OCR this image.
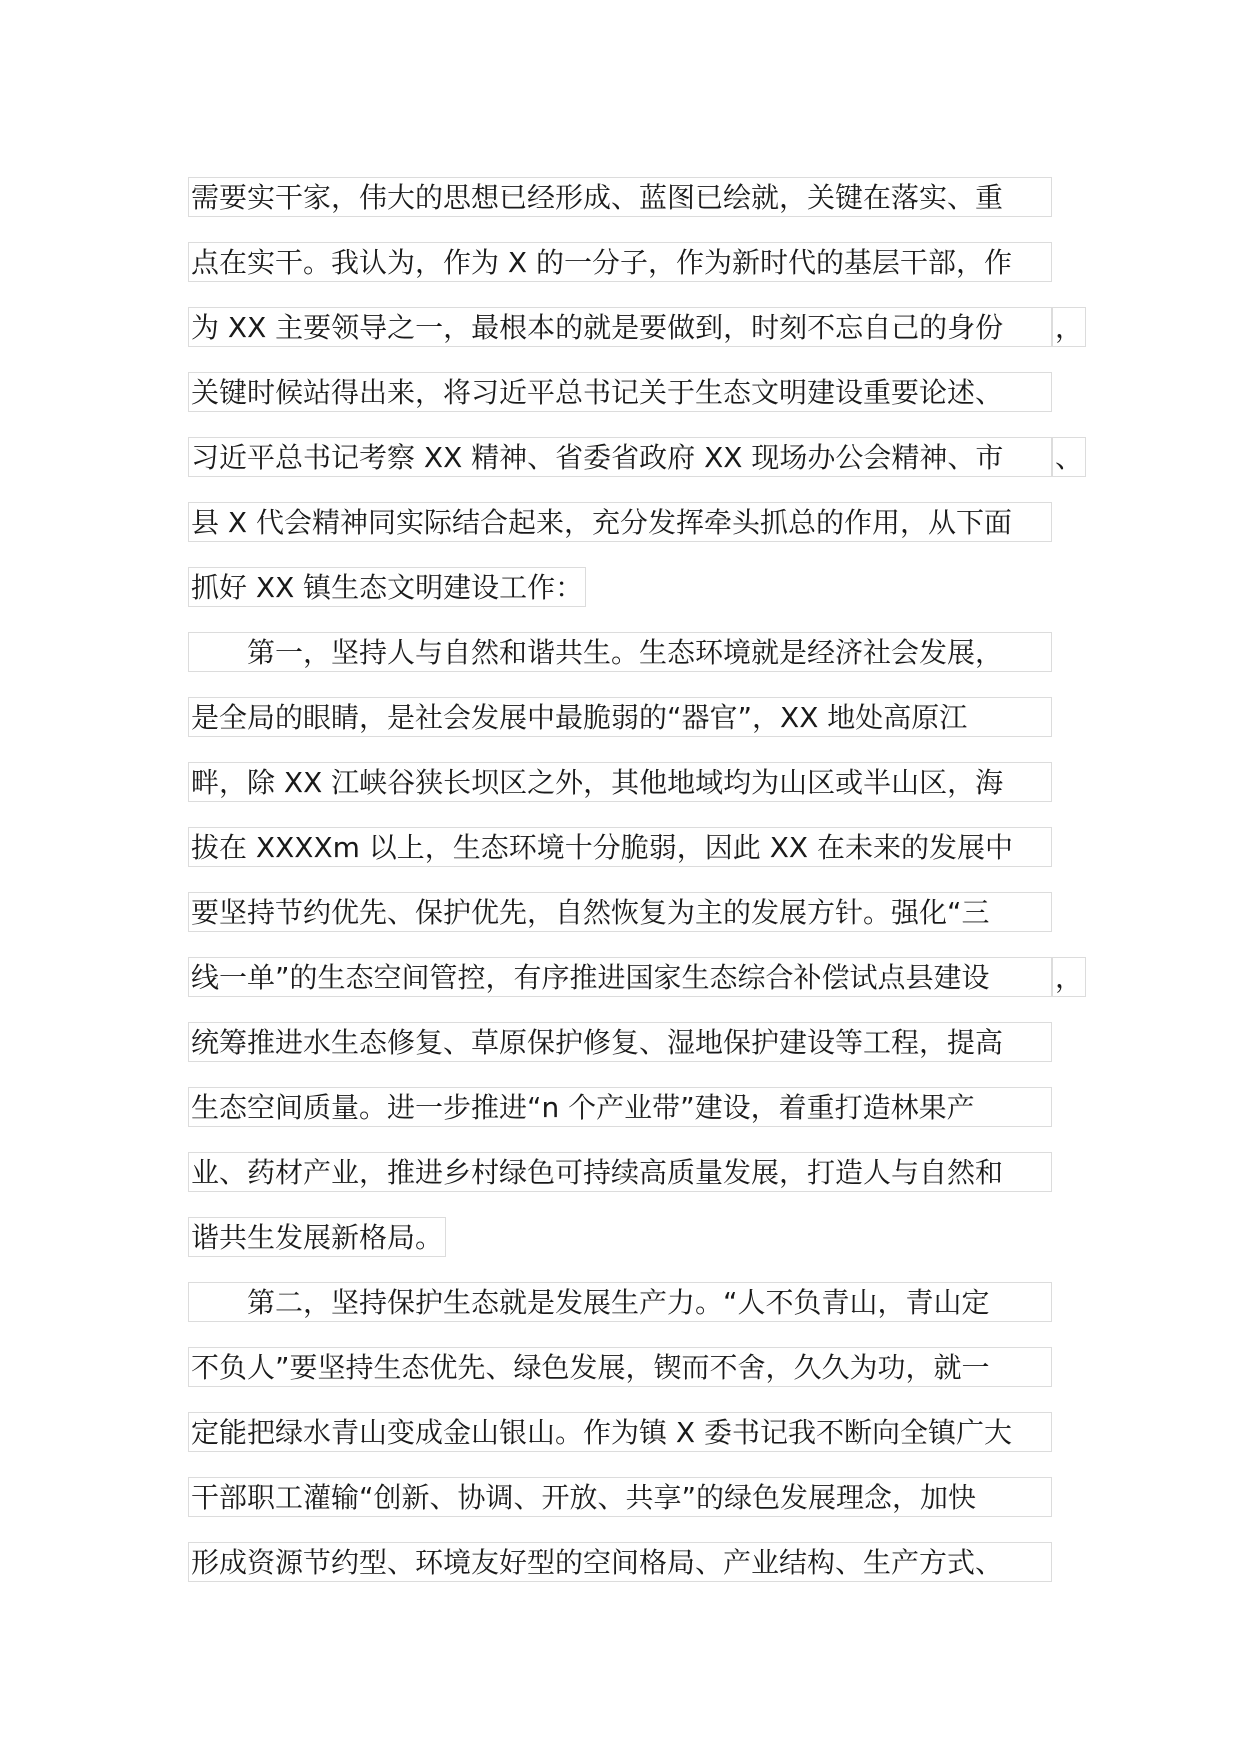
需要实干家，伟大的思想已经形成、蓝图已绘就，关键在落实、重
点在实干。我认为，作为 X 的一分子，作为新时代的基层干部，作
为 XX 主要领导之一，最根本的就是要做到，时刻不忘自己的身份	，
关键时候站得出来，将习近平总书记关于生态文明建设重要论述、
习近平总书记考察 XX 精神、省委省政府 XX 现场办公会精神、市	、
县 X 代会精神同实际结合起来，充分发挥牵头抓总的作用，从下面
抓好 XX 镇生态文明建设工作：
第一，坚持人与自然和谐共生。生态环境就是经济社会发展，
是全局的眼睛，是社会发展中最脆弱的“器官”，XX 地处高原江
畔，除 XX 江峡谷狭长坝区之外，其他地域均为山区或半山区，海
拔在 XXXXm 以上，生态环境十分脆弱，因此 XX 在未来的发展中
要坚持节约优先、保护优先，自然恢复为主的发展方针。强化“三
线一单”的生态空间管控，有序推进国家生态综合补偿试点县建设	，
统筹推进水生态修复、草原保护修复、湿地保护建设等工程，提高
生态空间质量。进一步推进“n 个产业带”建设，着重打造林果产
业、药材产业，推进乡村绿色可持续高质量发展，打造人与自然和
谐共生发展新格局。
第二，坚持保护生态就是发展生产力。“人不负青山，青山定
不负人”要坚持生态优先、绿色发展，锲而不舍，久久为功，就一
定能把绿水青山变成金山银山。作为镇 X 委书记我不断向全镇广大
干部职工灌输“创新、协调、开放、共享”的绿色发展理念，加快
形成资源节约型、环境友好型的空间格局、产业结构、生产方式、
